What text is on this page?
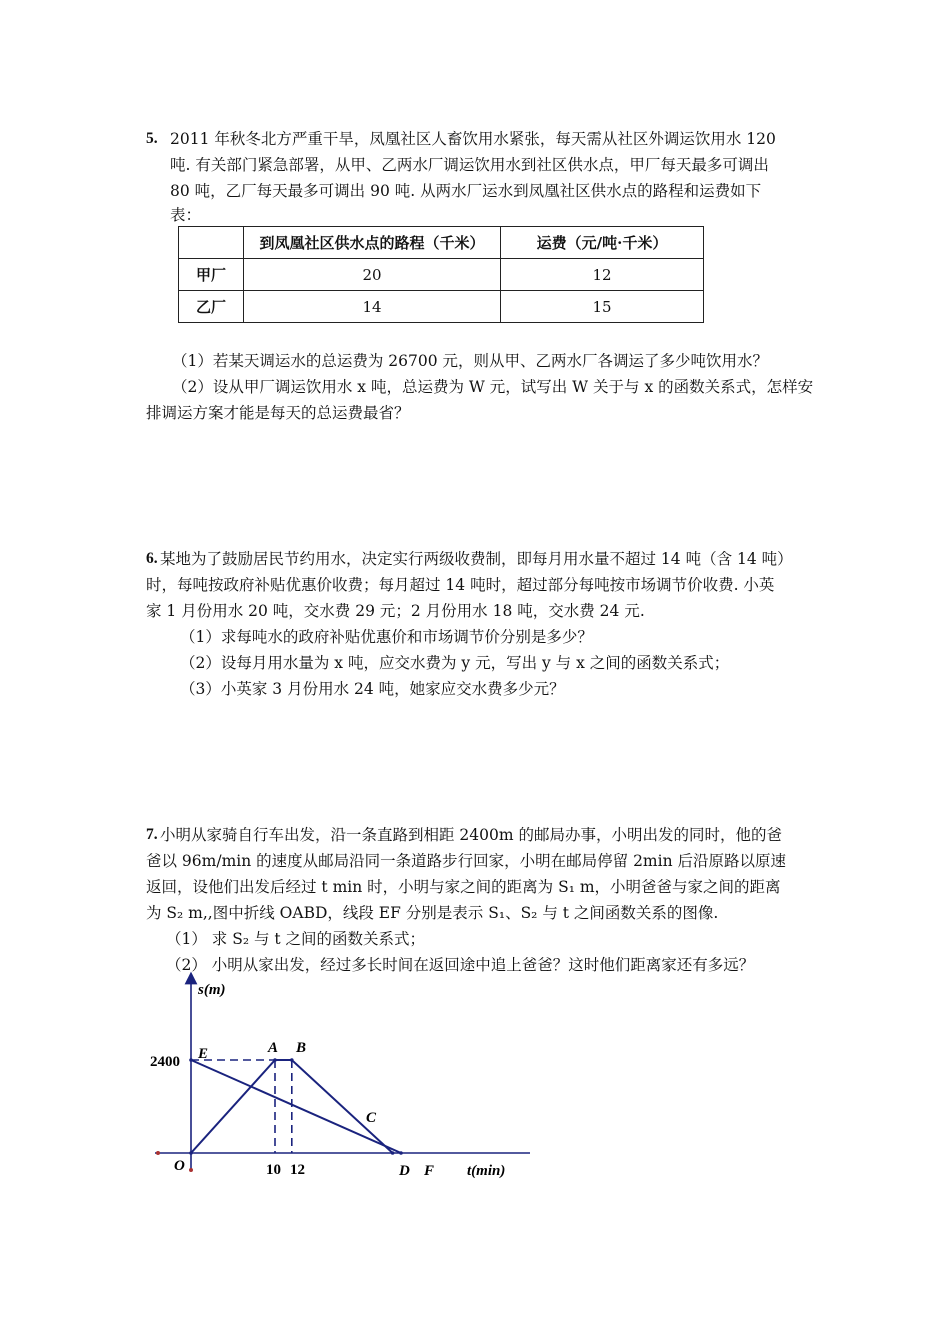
5. 2011 年秋冬北方严重干旱，凤凰社区人畜饮用水紧张，每天需从社区外调运饮用水 120
吨. 有关部门紧急部署，从甲、乙两水厂调运饮用水到社区供水点，甲厂每天最多可调出
80 吨，乙厂每天最多可调出 90 吨. 从两水厂运水到凤凰社区供水点的路程和运费如下
表：
	到凤凰社区供水点的路程（千米）	运费（元/吨·千米）
甲厂	20	12
乙厂	14	15
（1）若某天调运水的总运费为 26700 元，则从甲、乙两水厂各调运了多少吨饮用水？
（2）设从甲厂调运饮用水 x 吨，总运费为 W 元，试写出 W 关于与 x 的函数关系式，怎样安
排调运方案才能是每天的总运费最省？
6. 某地为了鼓励居民节约用水，决定实行两级收费制，即每月用水量不超过 14 吨（含 14 吨）
时，每吨按政府补贴优惠价收费；每月超过 14 吨时，超过部分每吨按市场调节价收费. 小英
家 1 月份用水 20 吨，交水费 29 元；2 月份用水 18 吨，交水费 24 元.
（1）求每吨水的政府补贴优惠价和市场调节价分别是多少？
（2）设每月用水量为 x 吨，应交水费为 y 元，写出 y 与 x 之间的函数关系式；
（3）小英家 3 月份用水 24 吨，她家应交水费多少元？
7. 小明从家骑自行车出发，沿一条直路到相距 2400m 的邮局办事，小明出发的同时，他的爸
爸以 96m/min 的速度从邮局沿同一条道路步行回家，小明在邮局停留 2min 后沿原路以原速
返回，设他们出发后经过 t min 时，小明与家之间的距离为 S₁ m，小明爸爸与家之间的距离
为 S₂ m,,图中折线 OABD，线段 EF 分别是表示 S₁、S₂ 与 t 之间函数关系的图像.
（1） 求 S₂ 与 t 之间的函数关系式；
（2） 小明从家出发，经过多长时间在返回途中追上爸爸？这时他们距离家还有多远？
s(m)
t(min)
2400
10 12
O
E	A B
C
D F
